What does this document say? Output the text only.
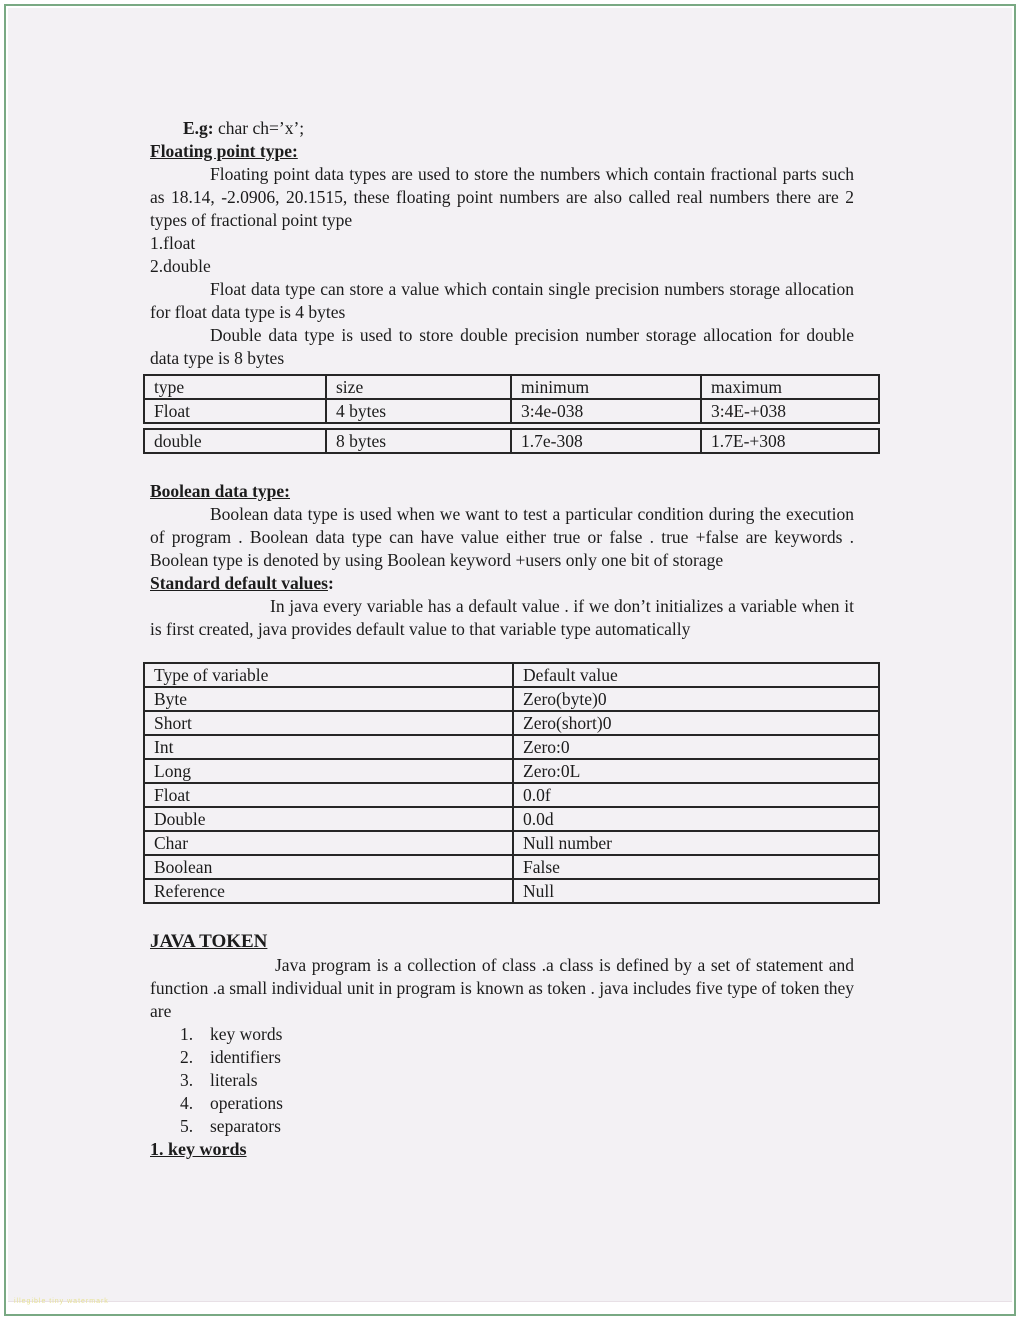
E.g: char ch=’x’;

Floating point type:

Floating point data types are used to store the numbers which contain fractional parts such as 18.14, -2.0906, 20.1515, these floating point numbers are also called real numbers there are 2 types of fractional point type

1.float

2.double

Float data type can store a value which contain single precision numbers storage allocation for float data type is 4 bytes

Double data type is used to store double precision number storage allocation for double data type is 8 bytes

type	size	minimum	maximum
Float	4 bytes	3:4e-038	3:4E-+038
double	8 bytes	1.7e-308	1.7E-+308

Boolean data type:

Boolean data type is used when we want to test a particular condition during the execution of program . Boolean data type can have value either true or false . true +false are keywords . Boolean type is denoted by using Boolean keyword +users only one bit of storage

Standard default values:

In java every variable has a default value . if we don’t initializes a variable when it is first created, java provides default value to that variable type automatically

Type of variable	Default value
Byte	Zero(byte)0
Short	Zero(short)0
Int	Zero:0
Long	Zero:0L
Float	0.0f
Double	0.0d
Char	Null number
Boolean	False
Reference	Null

JAVA TOKEN

Java program is a collection of class .a class is defined by a set of statement and function .a small individual unit in program is known as token . java includes five type of token they are

1. key words
2. identifiers
3. literals
4. operations
5. separators

1. key words

illegible tiny watermark
